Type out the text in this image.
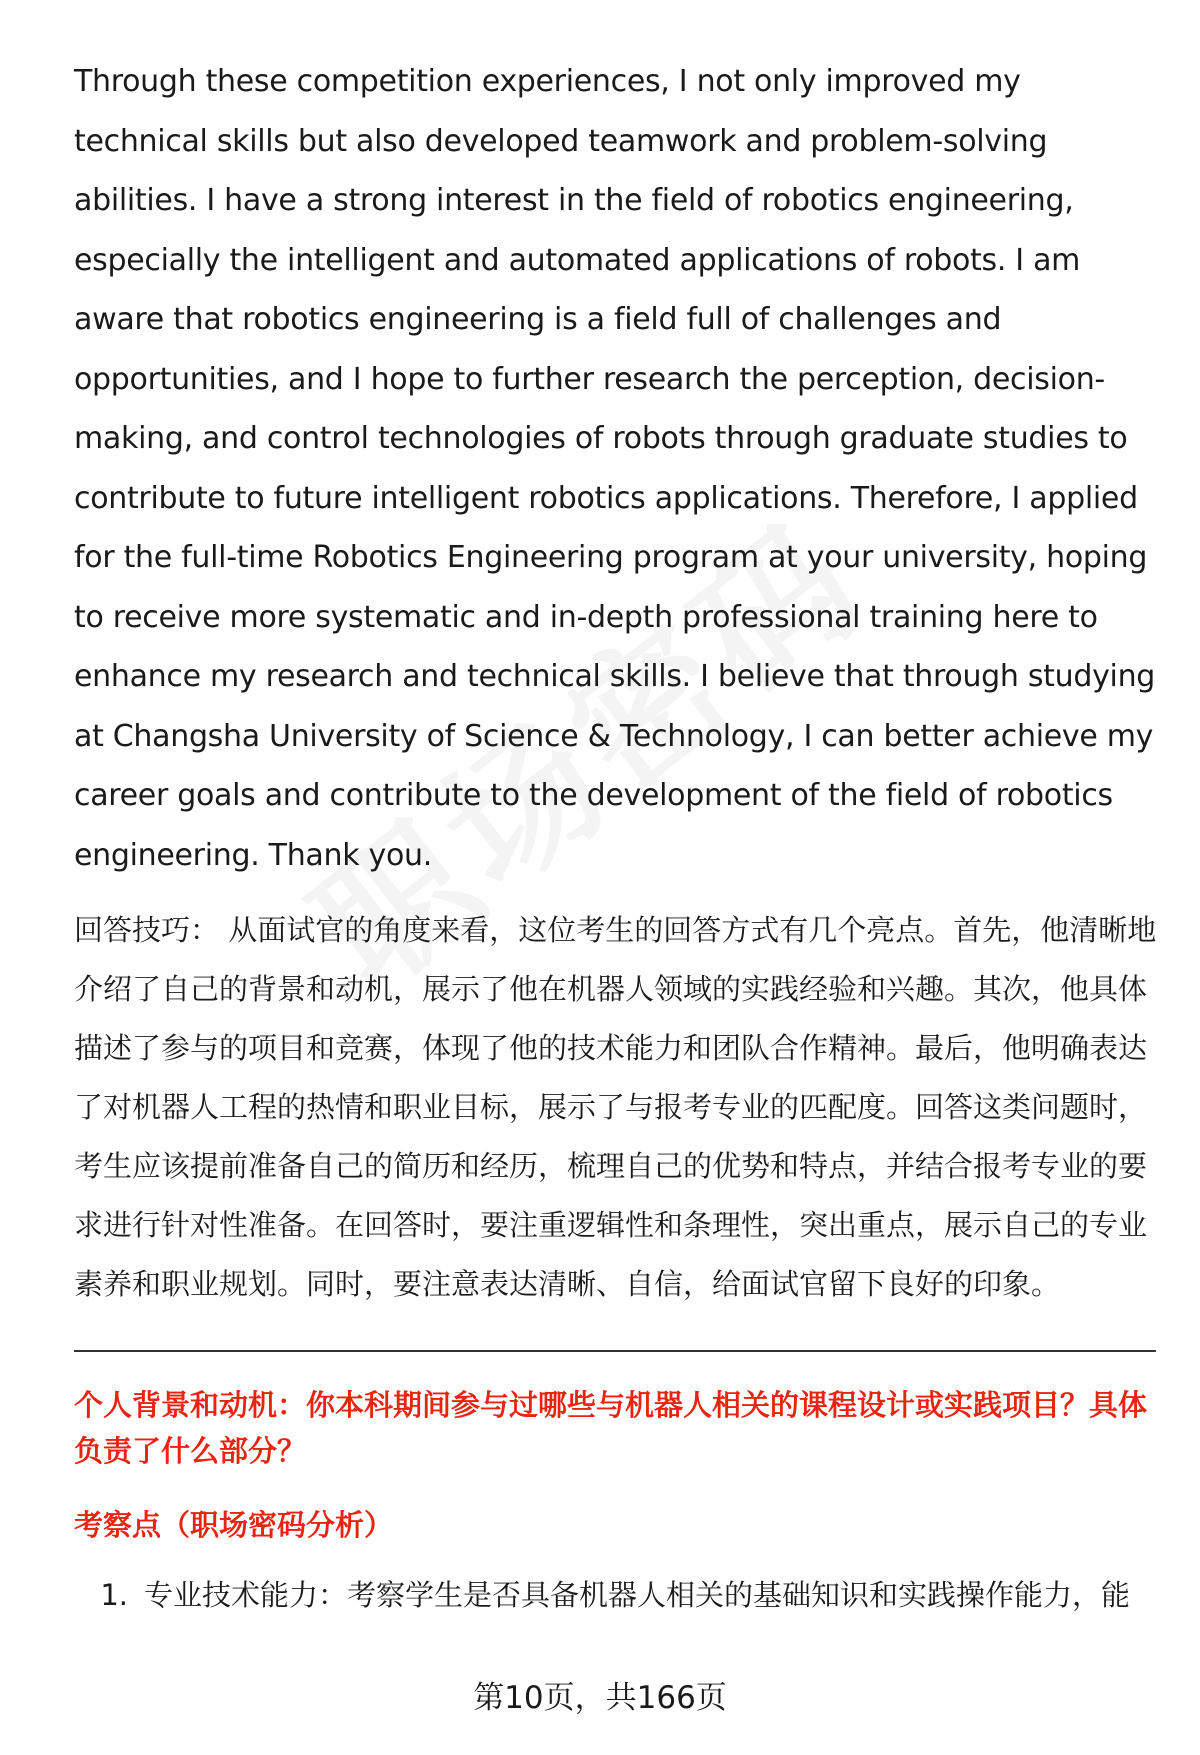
Through these competition experiences, I not only improved my technical skills but also developed teamwork and problem-solving abilities. I have a strong interest in the field of robotics engineering, especially the intelligent and automated applications of robots. I am aware that robotics engineering is a field full of challenges and opportunities, and I hope to further research the perception, decision-making, and control technologies of robots through graduate studies to contribute to future intelligent robotics applications. Therefore, I applied for the full-time Robotics Engineering program at your university, hoping to receive more systematic and in-depth professional training here to enhance my research and technical skills. I believe that through studying at Changsha University of Science & Technology, I can better achieve my career goals and contribute to the development of the field of robotics engineering. Thank you.

回答技巧： 从面试官的角度来看，这位考生的回答方式有几个亮点。首先，他清晰地介绍了自己的背景和动机，展示了他在机器人领域的实践经验和兴趣。其次，他具体描述了参与的项目和竞赛，体现了他的技术能力和团队合作精神。最后，他明确表达了对机器人工程的热情和职业目标，展示了与报考专业的匹配度。回答这类问题时，考生应该提前准备自己的简历和经历，梳理自己的优势和特点，并结合报考专业的要求进行针对性准备。在回答时，要注重逻辑性和条理性，突出重点，展示自己的专业素养和职业规划。同时，要注意表达清晰、自信，给面试官留下良好的印象。

个人背景和动机：你本科期间参与过哪些与机器人相关的课程设计或实践项目？具体负责了什么部分？

考察点（职场密码分析）

1. 专业技术能力：考察学生是否具备机器人相关的基础知识和实践操作能力，能
第10页，共166页
